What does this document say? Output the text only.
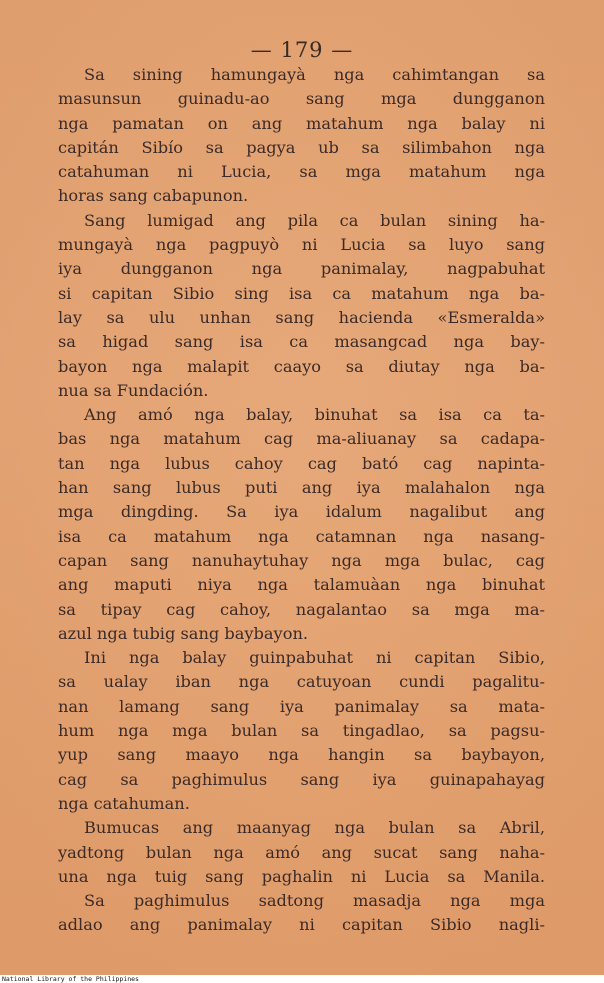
— 179 —
Sa sining hamungayà nga cahimtangan sa
masunsun guinadu-ao sang mga dungganon
nga pamatan on ang matahum nga balay ni
capitán Sibío sa pagya ub sa silimbahon nga
catahuman ni Lucia, sa mga matahum nga
horas sang cabapunon.
Sang lumigad ang pila ca bulan sining ha-
mungayà nga pagpuyò ni Lucia sa luyo sang
iya dungganon nga panimalay, nagpabuhat
si capitan Sibio sing isa ca matahum nga ba-
lay sa ulu unhan sang hacienda «Esmeralda»
sa higad sang isa ca masangcad nga bay-
bayon nga malapit caayo sa diutay nga ba-
nua sa Fundación.
Ang amó nga balay, binuhat sa isa ca ta-
bas nga matahum cag ma-aliuanay sa cadapa-
tan nga lubus cahoy cag bató cag napinta-
han sang lubus puti ang iya malahalon nga
mga dingding. Sa iya idalum nagalibut ang
isa ca matahum nga catamnan nga nasang-
capan sang nanuhaytuhay nga mga bulac, cag
ang maputi niya nga talamuàan nga binuhat
sa tipay cag cahoy, nagalantao sa mga ma-
azul nga tubig sang baybayon.
Ini nga balay guinpabuhat ni capitan Sibio,
sa ualay iban nga catuyoan cundi pagalitu-
nan lamang sang iya panimalay sa mata-
hum nga mga bulan sa tingadlao, sa pagsu-
yup sang maayo nga hangin sa baybayon,
cag sa paghimulus sang iya guinapahayag
nga catahuman.
Bumucas ang maanyag nga bulan sa Abril,
yadtong bulan nga amó ang sucat sang naha-
una nga tuig sang paghalin ni Lucia sa Manila.
Sa paghimulus sadtong masadja nga mga
adlao ang panimalay ni capitan Sibio nagli-
National Library of the Philippines
